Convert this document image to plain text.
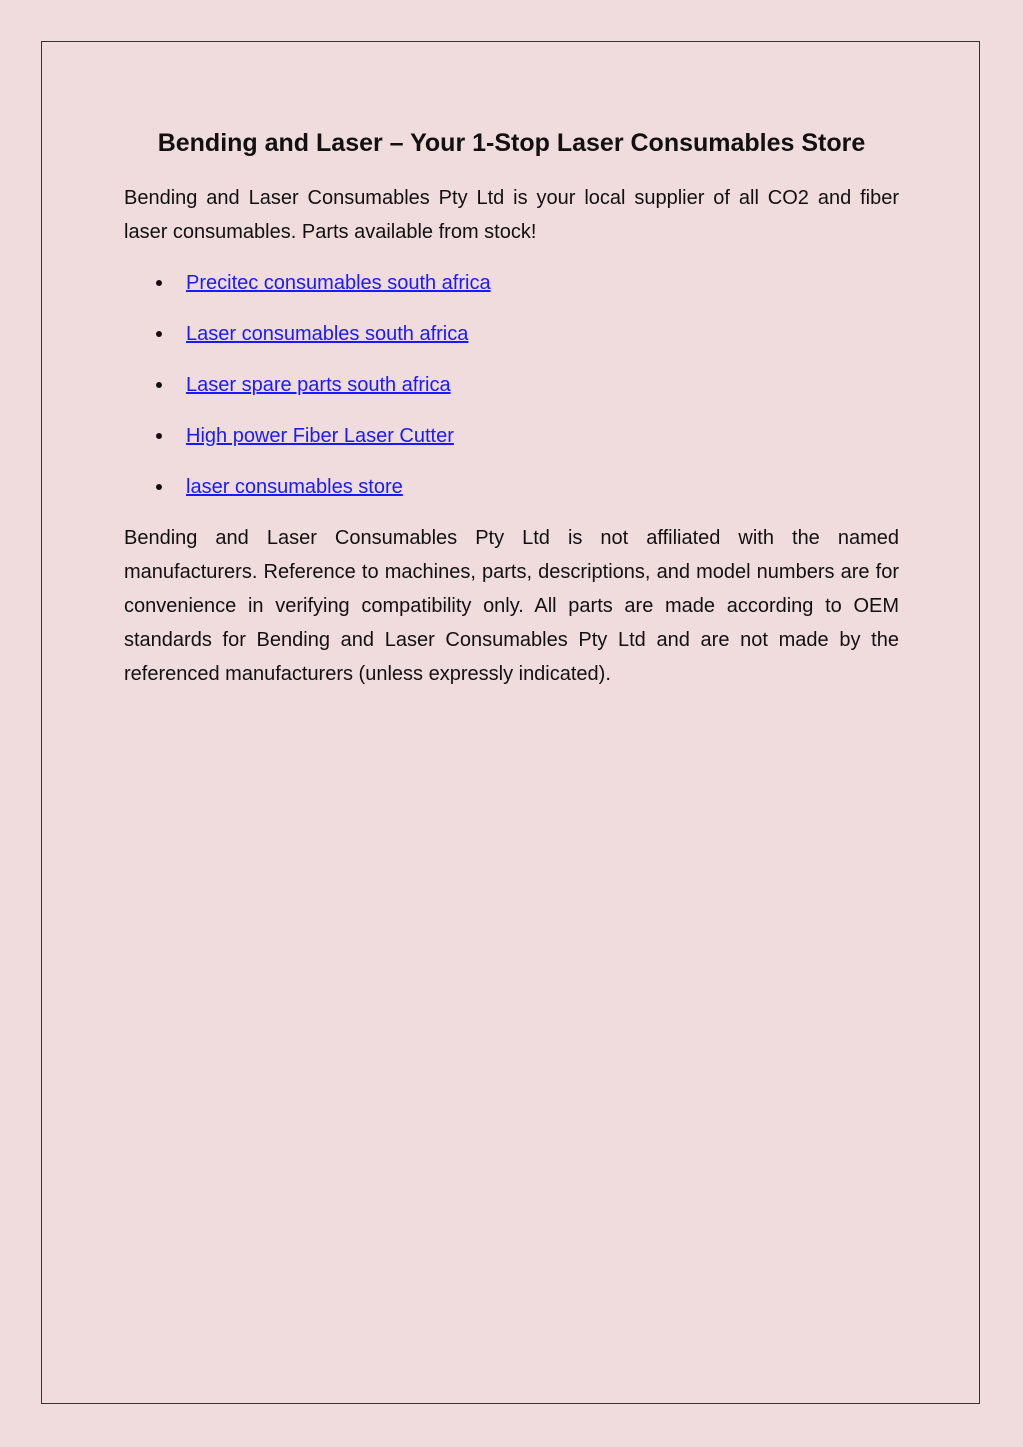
Bending and Laser – Your 1-Stop Laser Consumables Store

Bending and Laser Consumables Pty Ltd is your local supplier of all CO2 and fiber laser consumables. Parts available from stock!

Precitec consumables south africa
Laser consumables south africa
Laser spare parts south africa
High power Fiber Laser Cutter
laser consumables store

Bending and Laser Consumables Pty Ltd is not affiliated with the named manufacturers. Reference to machines, parts, descriptions, and model numbers are for convenience in verifying compatibility only. All parts are made according to OEM standards for Bending and Laser Consumables Pty Ltd and are not made by the referenced manufacturers (unless expressly indicated).
